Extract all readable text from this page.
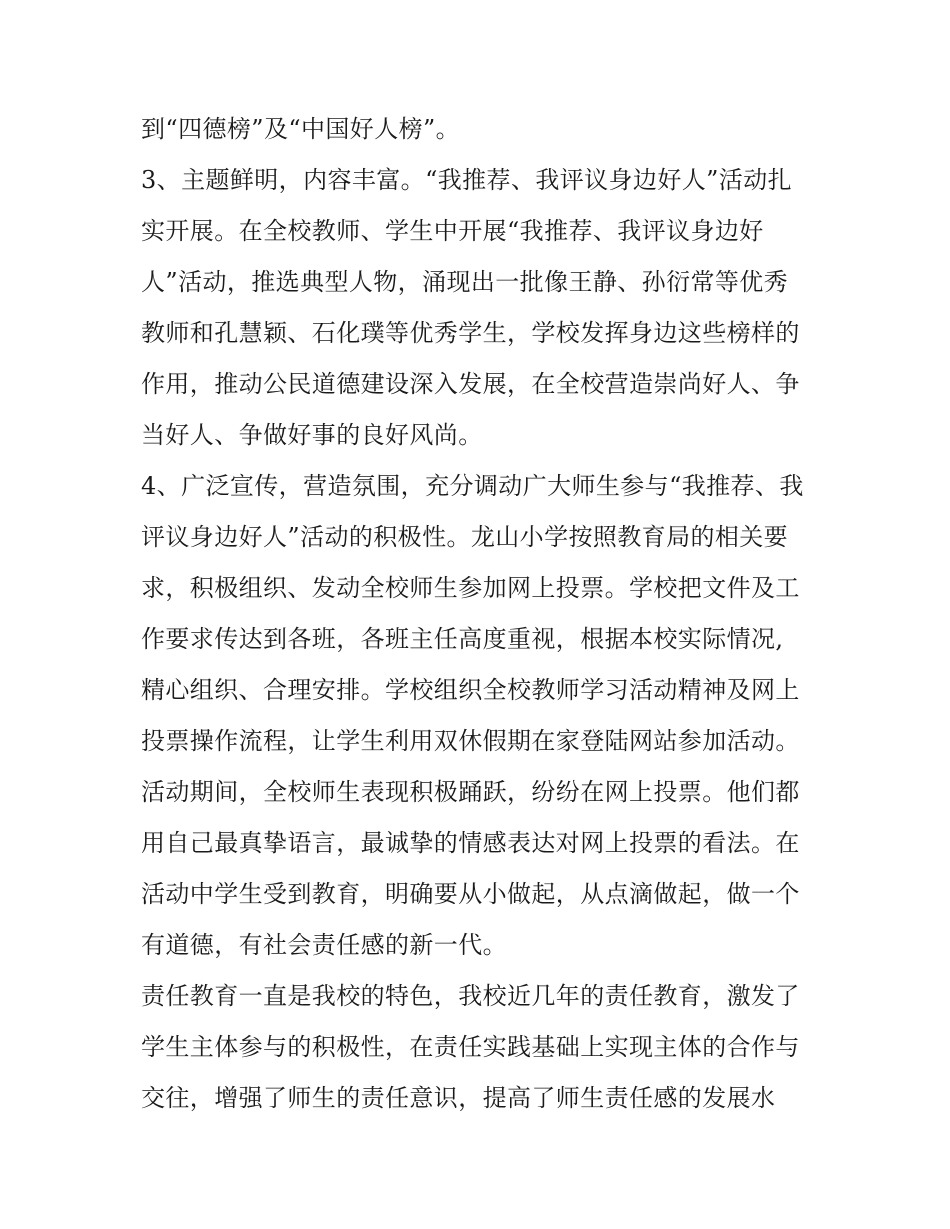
到“四德榜”及“中国好人榜”。
3、主题鲜明，内容丰富。“我推荐、我评议身边好人”活动扎
实开展。在全校教师、学生中开展“我推荐、我评议身边好
人”活动，推选典型人物，涌现出一批像王静、孙衍常等优秀
教师和孔慧颖、石化璞等优秀学生，学校发挥身边这些榜样的
作用，推动公民道德建设深入发展，在全校营造崇尚好人、争
当好人、争做好事的良好风尚。
4、广泛宣传，营造氛围，充分调动广大师生参与“我推荐、我
评议身边好人”活动的积极性。龙山小学按照教育局的相关要
求，积极组织、发动全校师生参加网上投票。学校把文件及工
作要求传达到各班，各班主任高度重视，根据本校实际情况,
精心组织、合理安排。学校组织全校教师学习活动精神及网上
投票操作流程，让学生利用双休假期在家登陆网站参加活动。
活动期间，全校师生表现积极踊跃，纷纷在网上投票。他们都
用自己最真挚语言，最诚挚的情感表达对网上投票的看法。在
活动中学生受到教育，明确要从小做起，从点滴做起，做一个
有道德，有社会责任感的新一代。
责任教育一直是我校的特色，我校近几年的责任教育，激发了
学生主体参与的积极性，在责任实践基础上实现主体的合作与
交往，增强了师生的责任意识，提高了师生责任感的发展水
